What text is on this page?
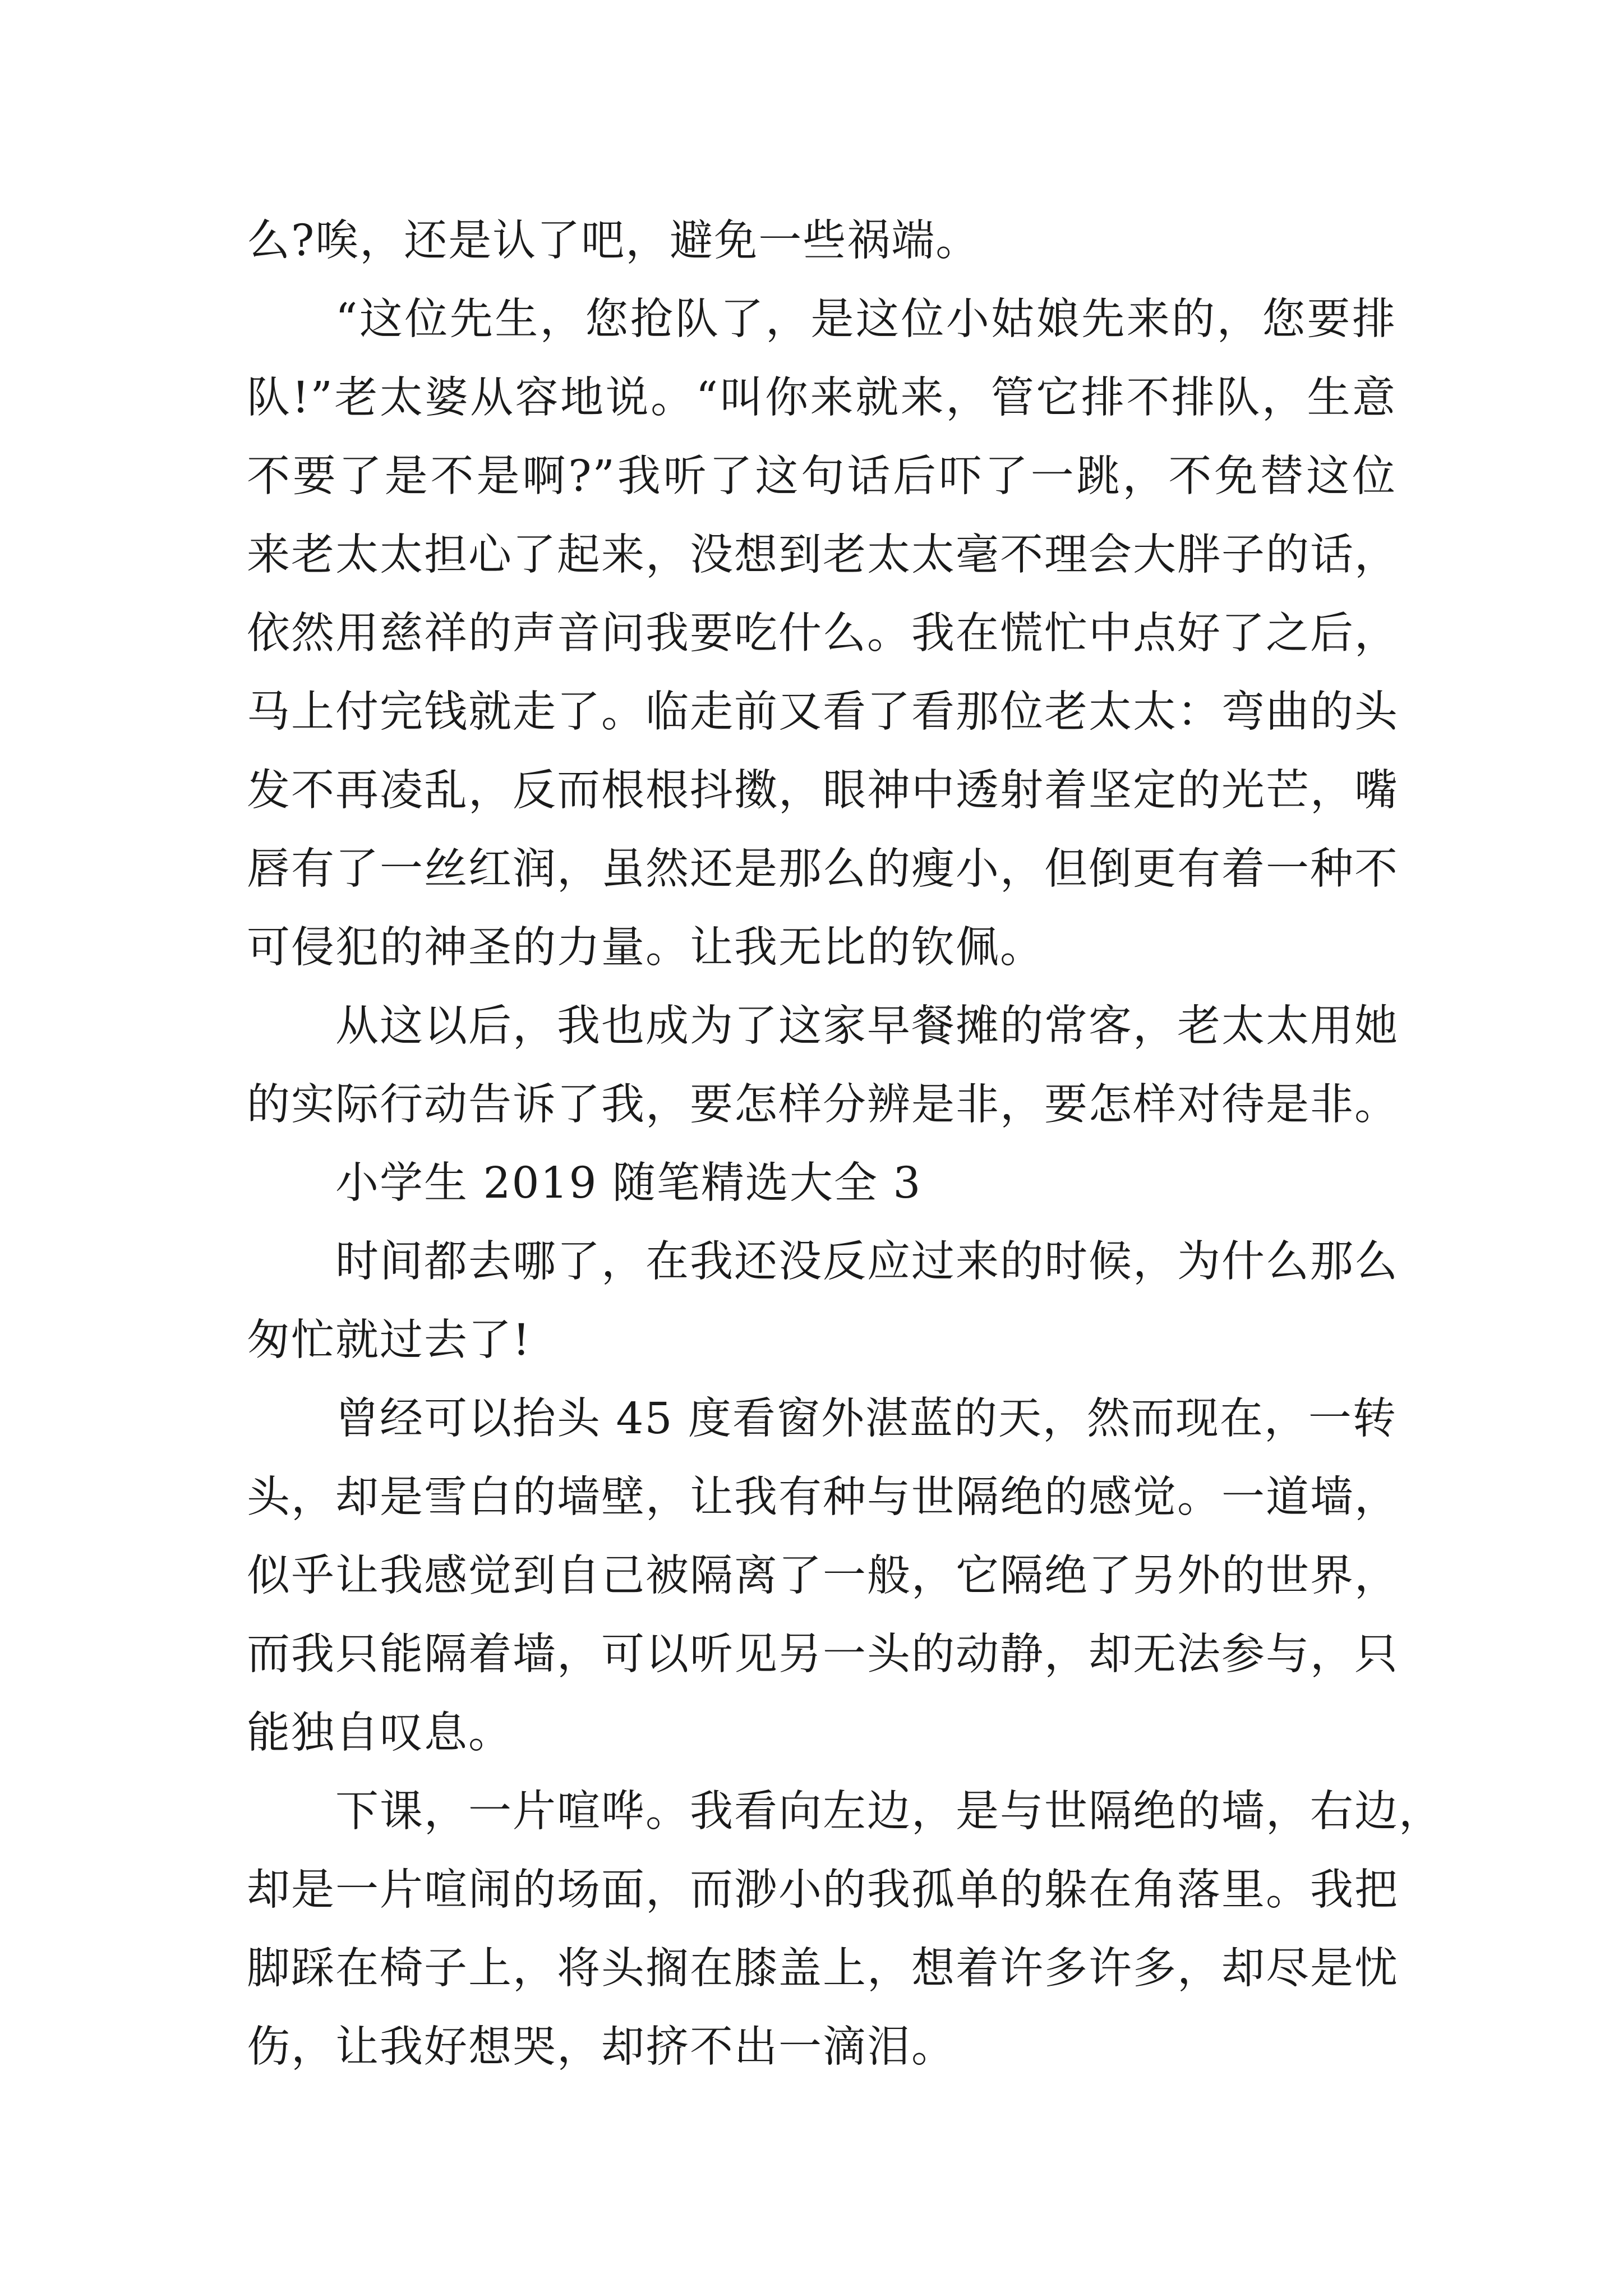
么?唉，还是认了吧，避免一些祸端。
“这位先生，您抢队了，是这位小姑娘先来的，您要排
队!”老太婆从容地说。“叫你来就来，管它排不排队，生意
不要了是不是啊?”我听了这句话后吓了一跳，不免替这位
来老太太担心了起来，没想到老太太毫不理会大胖子的话，
依然用慈祥的声音问我要吃什么。我在慌忙中点好了之后，
马上付完钱就走了。临走前又看了看那位老太太：弯曲的头
发不再凌乱，反而根根抖擞，眼神中透射着坚定的光芒，嘴
唇有了一丝红润，虽然还是那么的瘦小，但倒更有着一种不
可侵犯的神圣的力量。让我无比的钦佩。
从这以后，我也成为了这家早餐摊的常客，老太太用她
的实际行动告诉了我，要怎样分辨是非，要怎样对待是非。
小学生 2019 随笔精选大全 3
时间都去哪了，在我还没反应过来的时候，为什么那么
匆忙就过去了!
曾经可以抬头 45 度看窗外湛蓝的天，然而现在，一转
头，却是雪白的墙壁，让我有种与世隔绝的感觉。一道墙，
似乎让我感觉到自己被隔离了一般，它隔绝了另外的世界，
而我只能隔着墙，可以听见另一头的动静，却无法参与，只
能独自叹息。
下课，一片喧哗。我看向左边，是与世隔绝的墙，右边，
却是一片喧闹的场面，而渺小的我孤单的躲在角落里。我把
脚踩在椅子上，将头搁在膝盖上，想着许多许多，却尽是忧
伤，让我好想哭，却挤不出一滴泪。
